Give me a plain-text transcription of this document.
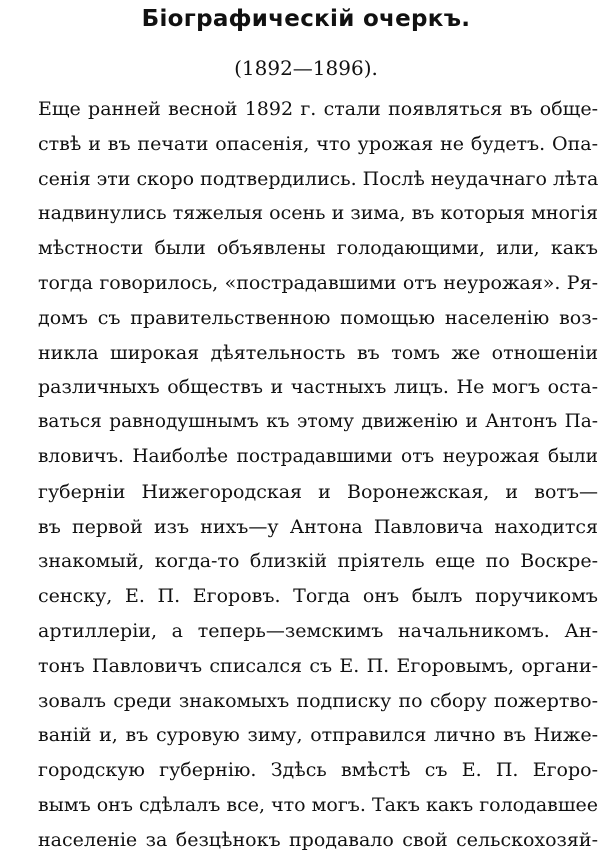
Біографическій очеркъ.
(1892—1896).
Еще ранней весной 1892 г. стали появляться въ обще-
ствѣ и въ печати опасенія, что урожая не будетъ. Опа-
сенія эти скоро подтвердились. Послѣ неудачнаго лѣта
надвинулись тяжелыя осень и зима, въ которыя многія
мѣстности были объявлены голодающими, или, какъ
тогда говорилось, «пострадавшими отъ неурожая». Ря-
домъ съ правительственною помощью населенію воз-
никла широкая дѣятельность въ томъ же отношеніи
различныхъ обществъ и частныхъ лицъ. Не могъ оста-
ваться равнодушнымъ къ этому движенію и Антонъ Па-
вловичъ. Наиболѣе пострадавшими отъ неурожая были
губерніи Нижегородская и Воронежская, и вотъ—
въ первой изъ нихъ—у Антона Павловича находится
знакомый, когда-то близкій пріятель еще по Воскре-
сенску, Е. П. Егоровъ. Тогда онъ былъ поручикомъ
артиллеріи, а теперь—земскимъ начальникомъ. Ан-
тонъ Павловичъ списался съ Е. П. Егоровымъ, органи-
зовалъ среди знакомыхъ подписку по сбору пожертво-
ваній и, въ суровую зиму, отправился лично въ Нижe-
городскую губернію. Здѣсь вмѣстѣ съ Е. П. Егоро-
вымъ онъ сдѣлалъ все, что могъ. Такъ какъ голодавшее
населеніе за безцѣнокъ продавало свой сельскохозяй-
